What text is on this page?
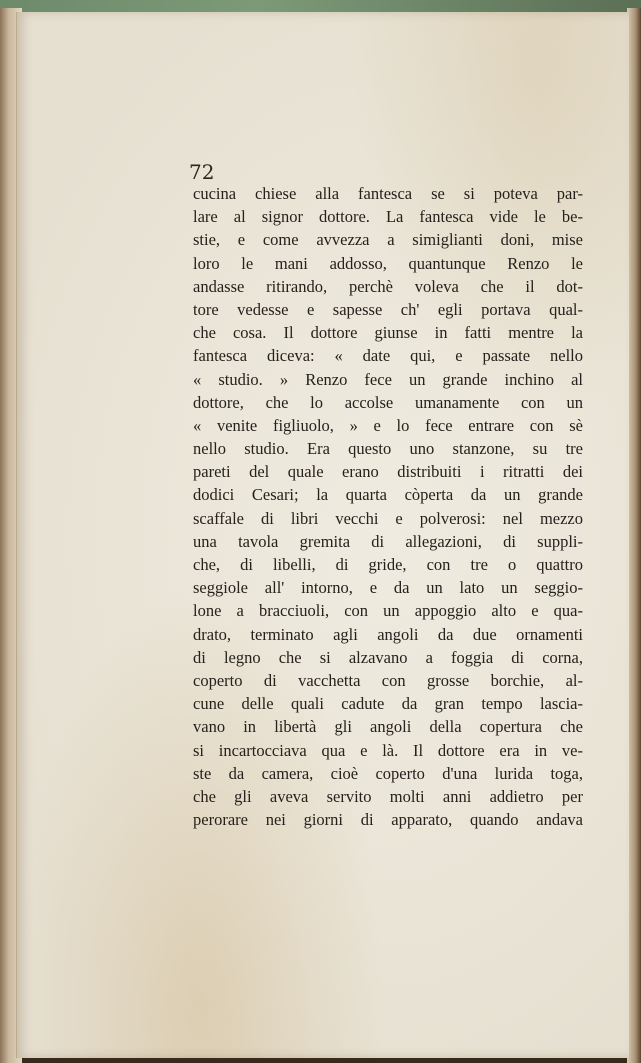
72

cucina chiese alla fantesca se si poteva par-
lare al signor dottore. La fantesca vide le be-
stie, e come avvezza a simiglianti doni, mise
loro le mani addosso, quantunque Renzo le
andasse ritirando, perchè voleva che il dot-
tore vedesse e sapesse ch' egli portava qual-
che cosa. Il dottore giunse in fatti mentre la
fantesca diceva: « date qui, e passate nello
« studio. » Renzo fece un grande inchino al
dottore, che lo accolse umanamente con un
« venite figliuolo, » e lo fece entrare con sè
nello studio. Era questo uno stanzone, su tre
pareti del quale erano distribuiti i ritratti dei
dodici Cesari; la quarta còperta da un grande
scaffale di libri vecchi e polverosi: nel mezzo
una tavola gremita di allegazioni, di suppli-
che, di libelli, di gride, con tre o quattro
seggiole all' intorno, e da un lato un seggio-
lone a bracciuoli, con un appoggio alto e qua-
drato, terminato agli angoli da due ornamenti
di legno che si alzavano a foggia di corna,
coperto di vacchetta con grosse borchie, al-
cune delle quali cadute da gran tempo lascia-
vano in libertà gli angoli della copertura che
si incartocciava qua e là. Il dottore era in ve-
ste da camera, cioè coperto d'una lurida toga,
che gli aveva servito molti anni addietro per
perorare nei giorni di apparato, quando andava
